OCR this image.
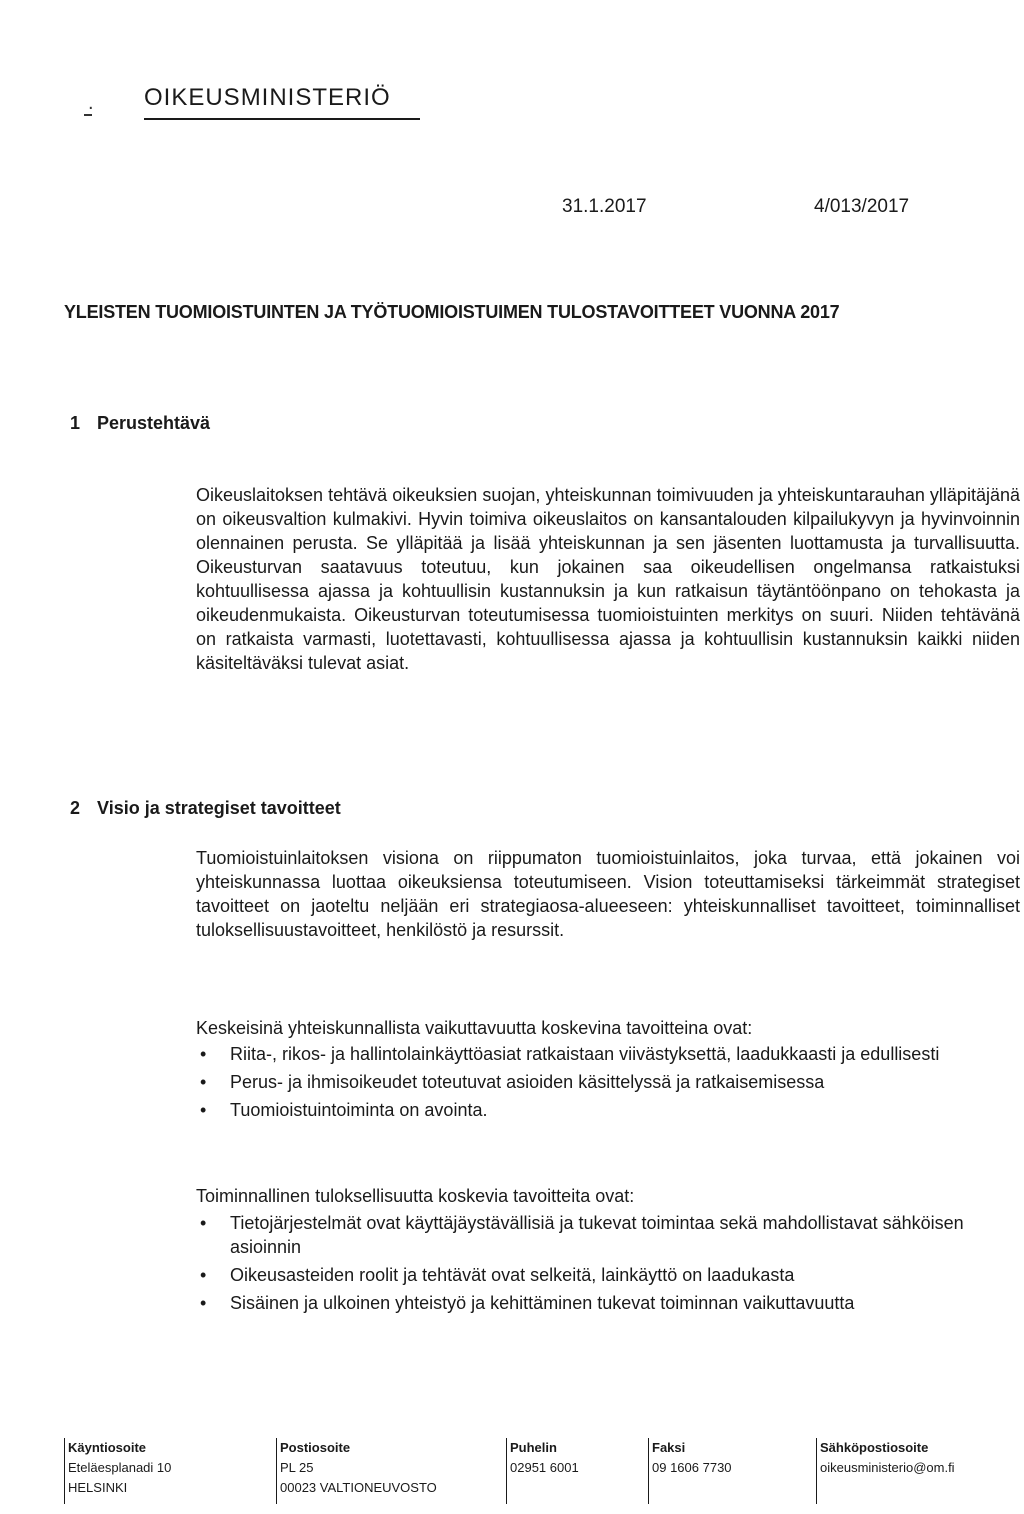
. OIKEUSMINISTERIÖ
31.1.2017	4/013/2017
YLEISTEN TUOMIOISTUINTEN JA TYÖTUOMIOISTUIMEN TULOSTAVOITTEET VUONNA 2017
1 Perustehtävä
Oikeuslaitoksen tehtävä oikeuksien suojan, yhteiskunnan toimivuuden ja yhteiskuntarauhan ylläpitäjänä on oikeusvaltion kulmakivi. Hyvin toimiva oikeuslaitos on kansantalouden kilpailukyvyn ja hyvinvoinnin olennainen perusta. Se ylläpitää ja lisää yhteiskunnan ja sen jäsenten luottamusta ja turvallisuutta. Oikeusturvan saatavuus toteutuu, kun jokainen saa oikeudellisen ongelmansa ratkaistuksi kohtuullisessa ajassa ja kohtuullisin kustannuksin ja kun ratkaisun täytäntöönpano on tehokasta ja oikeudenmukaista. Oikeusturvan toteutumisessa tuomioistuinten merkitys on suuri. Niiden tehtävänä on ratkaista varmasti, luotettavasti, kohtuullisessa ajassa ja kohtuullisin kustannuksin kaikki niiden käsiteltäväksi tulevat asiat.
2 Visio ja strategiset tavoitteet
Tuomioistuinlaitoksen visiona on riippumaton tuomioistuinlaitos, joka turvaa, että jokainen voi yhteiskunnassa luottaa oikeuksiensa toteutumiseen. Vision toteuttamiseksi tärkeimmät strategiset tavoitteet on jaoteltu neljään eri strategiaosa-alueeseen: yhteiskunnalliset tavoitteet, toiminnalliset tuloksellisuustavoitteet, henkilöstö ja resurssit.
Keskeisinä yhteiskunnallista vaikuttavuutta koskevina tavoitteina ovat:
• Riita-, rikos- ja hallintolainkäyttöasiat ratkaistaan viivästyksettä, laadukkaasti ja edullisesti
• Perus- ja ihmisoikeudet toteutuvat asioiden käsittelyssä ja ratkaisemisessa
• Tuomioistuintoiminta on avointa.
Toiminnallinen tuloksellisuutta koskevia tavoitteita ovat:
• Tietojärjestelmät ovat käyttäjäystävällisiä ja tukevat toimintaa sekä mahdollistavat sähköisen asioinnin
• Oikeusasteiden roolit ja tehtävät ovat selkeitä, lainkäyttö on laadukasta
• Sisäinen ja ulkoinen yhteistyö ja kehittäminen tukevat toiminnan vaikuttavuutta
Käyntiosoite
Eteläesplanadi 10
HELSINKI
Postiosoite
PL 25
00023 VALTIONEUVOSTO
Puhelin
02951 6001
Faksi
09 1606 7730
Sähköpostiosoite
oikeusministerio@om.fi
